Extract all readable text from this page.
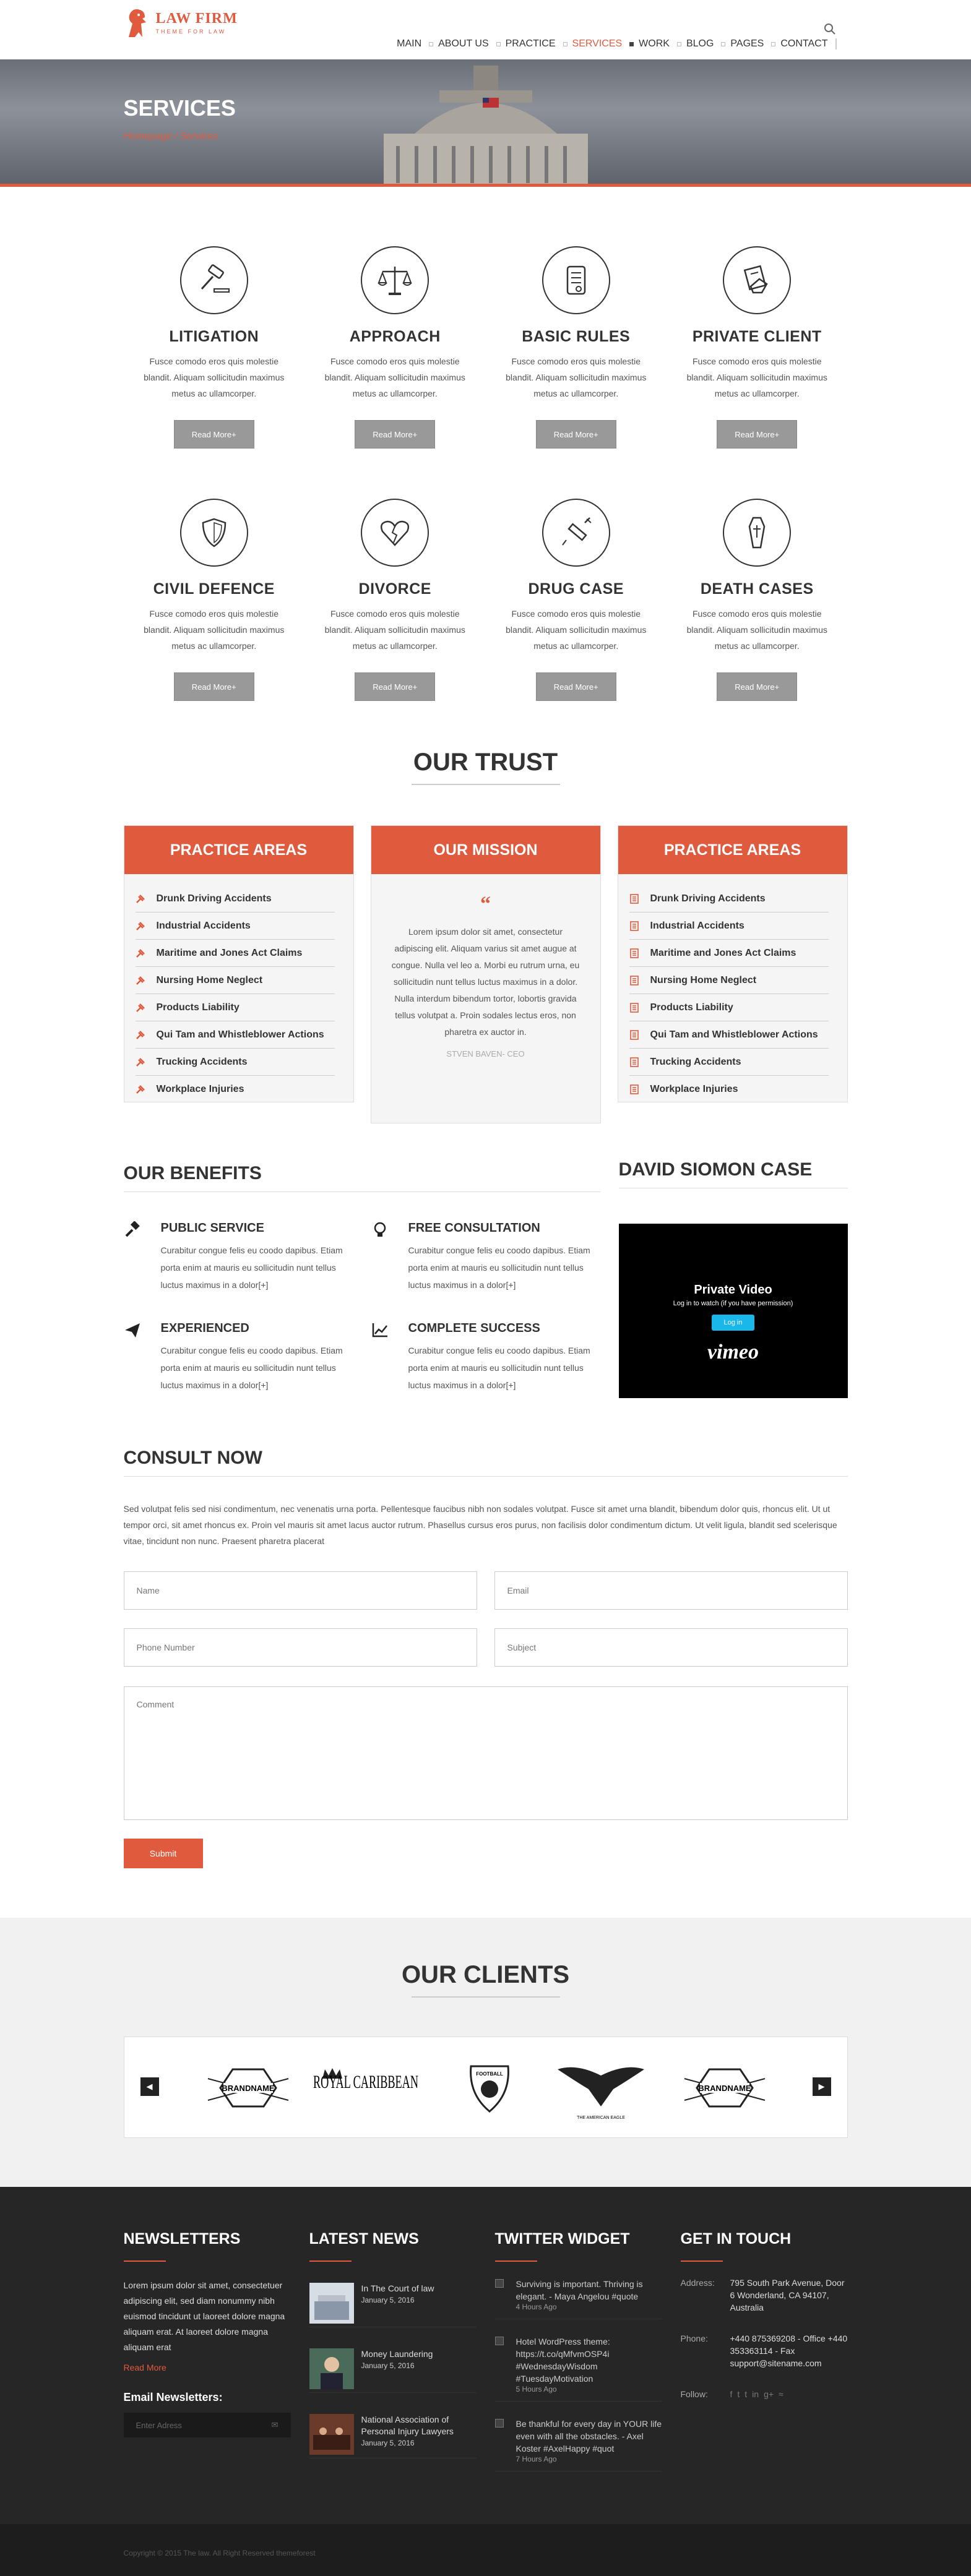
LAW FIRM
THEME FOR LAW
MAIN ABOUT US PRACTICE SERVICES WORK BLOG PAGES CONTACT
SERVICES
Homepage / Services
LITIGATION

Fusce comodo eros quis molestie blandit. Aliquam sollicitudin maximus metus ac ullamcorper.

Read More+
APPROACH

Fusce comodo eros quis molestie blandit. Aliquam sollicitudin maximus metus ac ullamcorper.

Read More+
BASIC RULES

Fusce comodo eros quis molestie blandit. Aliquam sollicitudin maximus metus ac ullamcorper.

Read More+
PRIVATE CLIENT

Fusce comodo eros quis molestie blandit. Aliquam sollicitudin maximus metus ac ullamcorper.

Read More+
CIVIL DEFENCE

Fusce comodo eros quis molestie blandit. Aliquam sollicitudin maximus metus ac ullamcorper.

Read More+
DIVORCE

Fusce comodo eros quis molestie blandit. Aliquam sollicitudin maximus metus ac ullamcorper.

Read More+
DRUG CASE

Fusce comodo eros quis molestie blandit. Aliquam sollicitudin maximus metus ac ullamcorper.

Read More+
DEATH CASES

Fusce comodo eros quis molestie blandit. Aliquam sollicitudin maximus metus ac ullamcorper.

Read More+
OUR TRUST
PRACTICE AREAS
Drunk Driving Accidents
Industrial Accidents
Maritime and Jones Act Claims
Nursing Home Neglect
Products Liability
Qui Tam and Whistleblower Actions
Trucking Accidents
Workplace Injuries
OUR MISSION
“

Lorem ipsum dolor sit amet, consectetur adipiscing elit. Aliquam varius sit amet augue at congue. Nulla vel leo a. Morbi eu rutrum urna, eu sollicitudin nunt tellus luctus maximus in a dolor. Nulla interdum bibendum tortor, lobortis gravida tellus volutpat a. Proin sodales lectus eros, non pharetra ex auctor in.

STVEN BAVEN- CEO
PRACTICE AREAS
Drunk Driving Accidents
Industrial Accidents
Maritime and Jones Act Claims
Nursing Home Neglect
Products Liability
Qui Tam and Whistleblower Actions
Trucking Accidents
Workplace Injuries
OUR BENEFITS
PUBLIC SERVICE

Curabitur congue felis eu coodo dapibus. Etiam porta enim at mauris eu sollicitudin nunt tellus luctus maximus in a dolor[+]

FREE CONSULTATION

Curabitur congue felis eu coodo dapibus. Etiam porta enim at mauris eu sollicitudin nunt tellus luctus maximus in a dolor[+]

EXPERIENCED

Curabitur congue felis eu coodo dapibus. Etiam porta enim at mauris eu sollicitudin nunt tellus luctus maximus in a dolor[+]

COMPLETE SUCCESS

Curabitur congue felis eu coodo dapibus. Etiam porta enim at mauris eu sollicitudin nunt tellus luctus maximus in a dolor[+]

DAVID SIOMON CASE
Private Video
Log in to watch (if you have permission)
Log in
vimeo
CONSULT NOW

Sed volutpat felis sed nisi condimentum, nec venenatis urna porta. Pellentesque faucibus nibh non sodales volutpat. Fusce sit amet urna blandit, bibendum dolor quis, rhoncus elit. Ut ut tempor orci, sit amet rhoncus ex. Proin vel mauris sit amet lacus auctor rutrum. Phasellus cursus eros purus, non facilisis dolor condimentum dictum. Ut velit ligula, blandit sed scelerisque vitae, tincidunt non nunc. Praesent pharetra placerat

Name	Email
Phone Number	Subject
Comment
Submit
OUR CLIENTS
◀	▶
BRANDNAME ROYAL CARIBBEAN	FOOTBALL
THE AMERICAN EAGLE
BRANDNAME
NEWSLETTERS
Lorem ipsum dolor sit amet, consectetuer adipiscing elit, sed diam nonummy nibh euismod tincidunt ut laoreet dolore magna aliquam erat. At laoreet dolore magna aliquam erat
Read More
Email Newsletters:
Enter Adress	✉
LATEST NEWS
In The Court of law
January 5, 2016
Money Laundering
January 5, 2016
National Association of Personal Injury Lawyers
January 5, 2016
TWITTER WIDGET
Surviving is important. Thriving is elegant. - Maya Angelou #quote
4 Hours Ago
Hotel WordPress theme: https://t.co/qMfvmOSP4i #WednesdayWisdom #TuesdayMotivation
5 Hours Ago
Be thankful for every day in YOUR life even with all the obstacles. - Axel Koster #AxelHappy #quot
7 Hours Ago
GET IN TOUCH
Address:	795 South Park Avenue, Door 6 Wonderland, CA 94107, Australia
Phone:	+440 875369208 - Office +440 353363114 - Fax support@sitename.com
Follow:	f t t in g+ ≈
Copyright © 2015 The law. All Right Reserved themeforest
